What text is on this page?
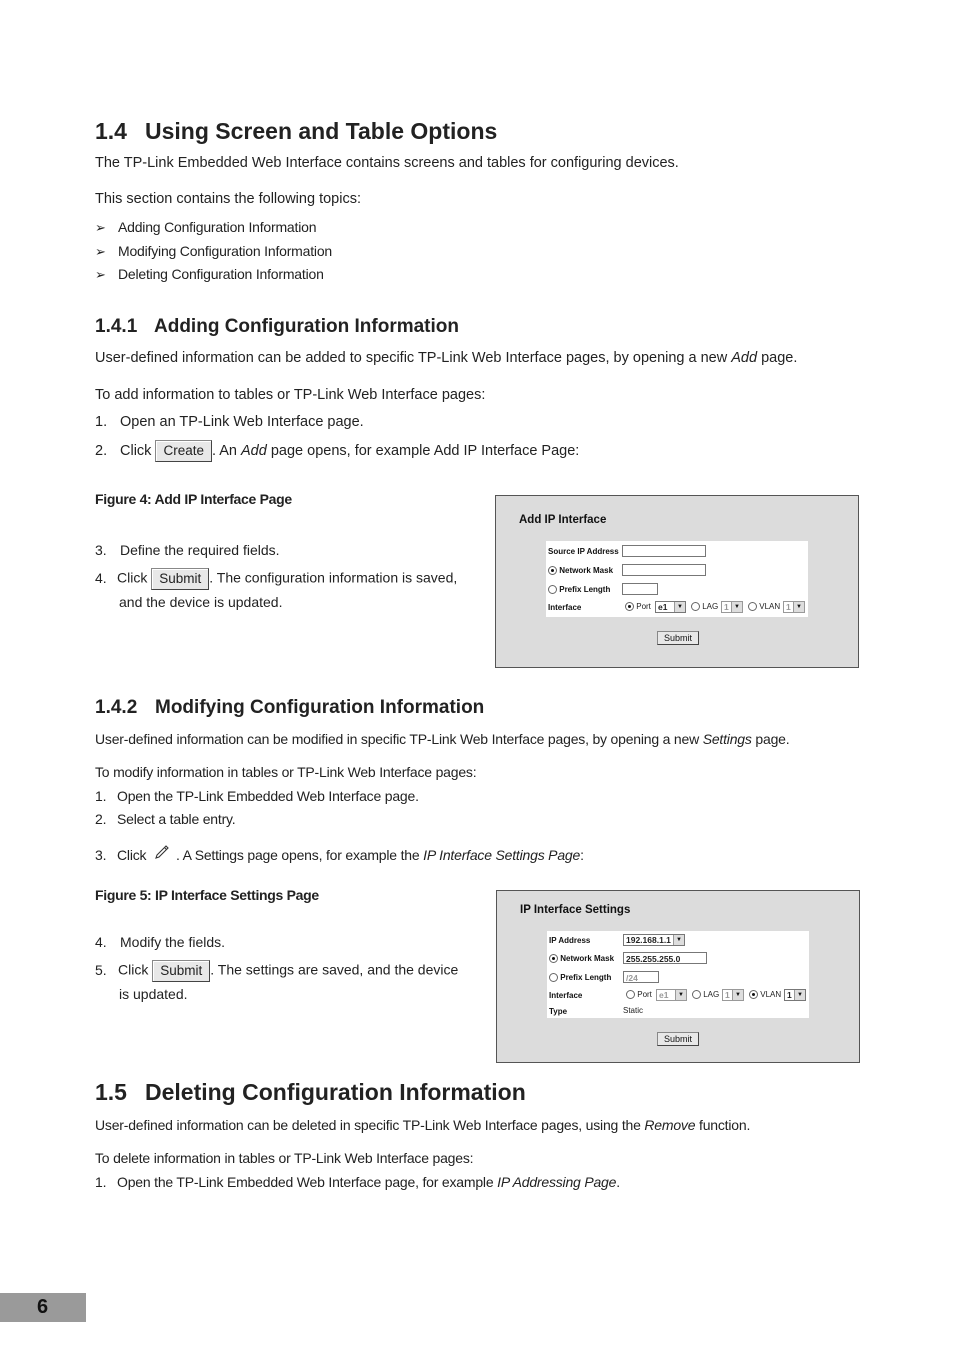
1.4 Using Screen and Table Options
The TP-Link Embedded Web Interface contains screens and tables for configuring devices.
This section contains the following topics:
➢ Adding Configuration Information
➢ Modifying Configuration Information
➢ Deleting Configuration Information
1.4.1 Adding Configuration Information
User-defined information can be added to specific TP-Link Web Interface pages, by opening a new Add page.
To add information to tables or TP-Link Web Interface pages:
1. Open an TP-Link Web Interface page.
2. Click Create . An Add page opens, for example Add IP Interface Page:
Figure 4: Add IP Interface Page
3. Define the required fields.
4. Click Submit . The configuration information is saved,
and the device is updated.
Add IP Interface
Source IP Address
Network Mask
Prefix Length
Interface	Port e1	▼	LAG 1 ▼	VLAN 1 ▼
Submit
1.4.2 Modifying Configuration Information
User-defined information can be modified in specific TP-Link Web Interface pages, by opening a new Settings page.
To modify information in tables or TP-Link Web Interface pages:
1. Open the TP-Link Embedded Web Interface page.
2. Select a table entry.
3. Click . A Settings page opens, for example the IP Interface Settings Page:
Figure 5: IP Interface Settings Page
4. Modify the fields.
5. Click Submit . The settings are saved, and the device
is updated.
IP Interface Settings
IP Address	192.168.1.1 ▼
Network Mask	255.255.255.0
Prefix Length	/24
Interface	Port e1	▼	LAG 1 ▼	VLAN 1 ▼
Type	Static
Submit
1.5 Deleting Configuration Information
User-defined information can be deleted in specific TP-Link Web Interface pages, using the Remove function.
To delete information in tables or TP-Link Web Interface pages:
1. Open the TP-Link Embedded Web Interface page, for example IP Addressing Page.
6
